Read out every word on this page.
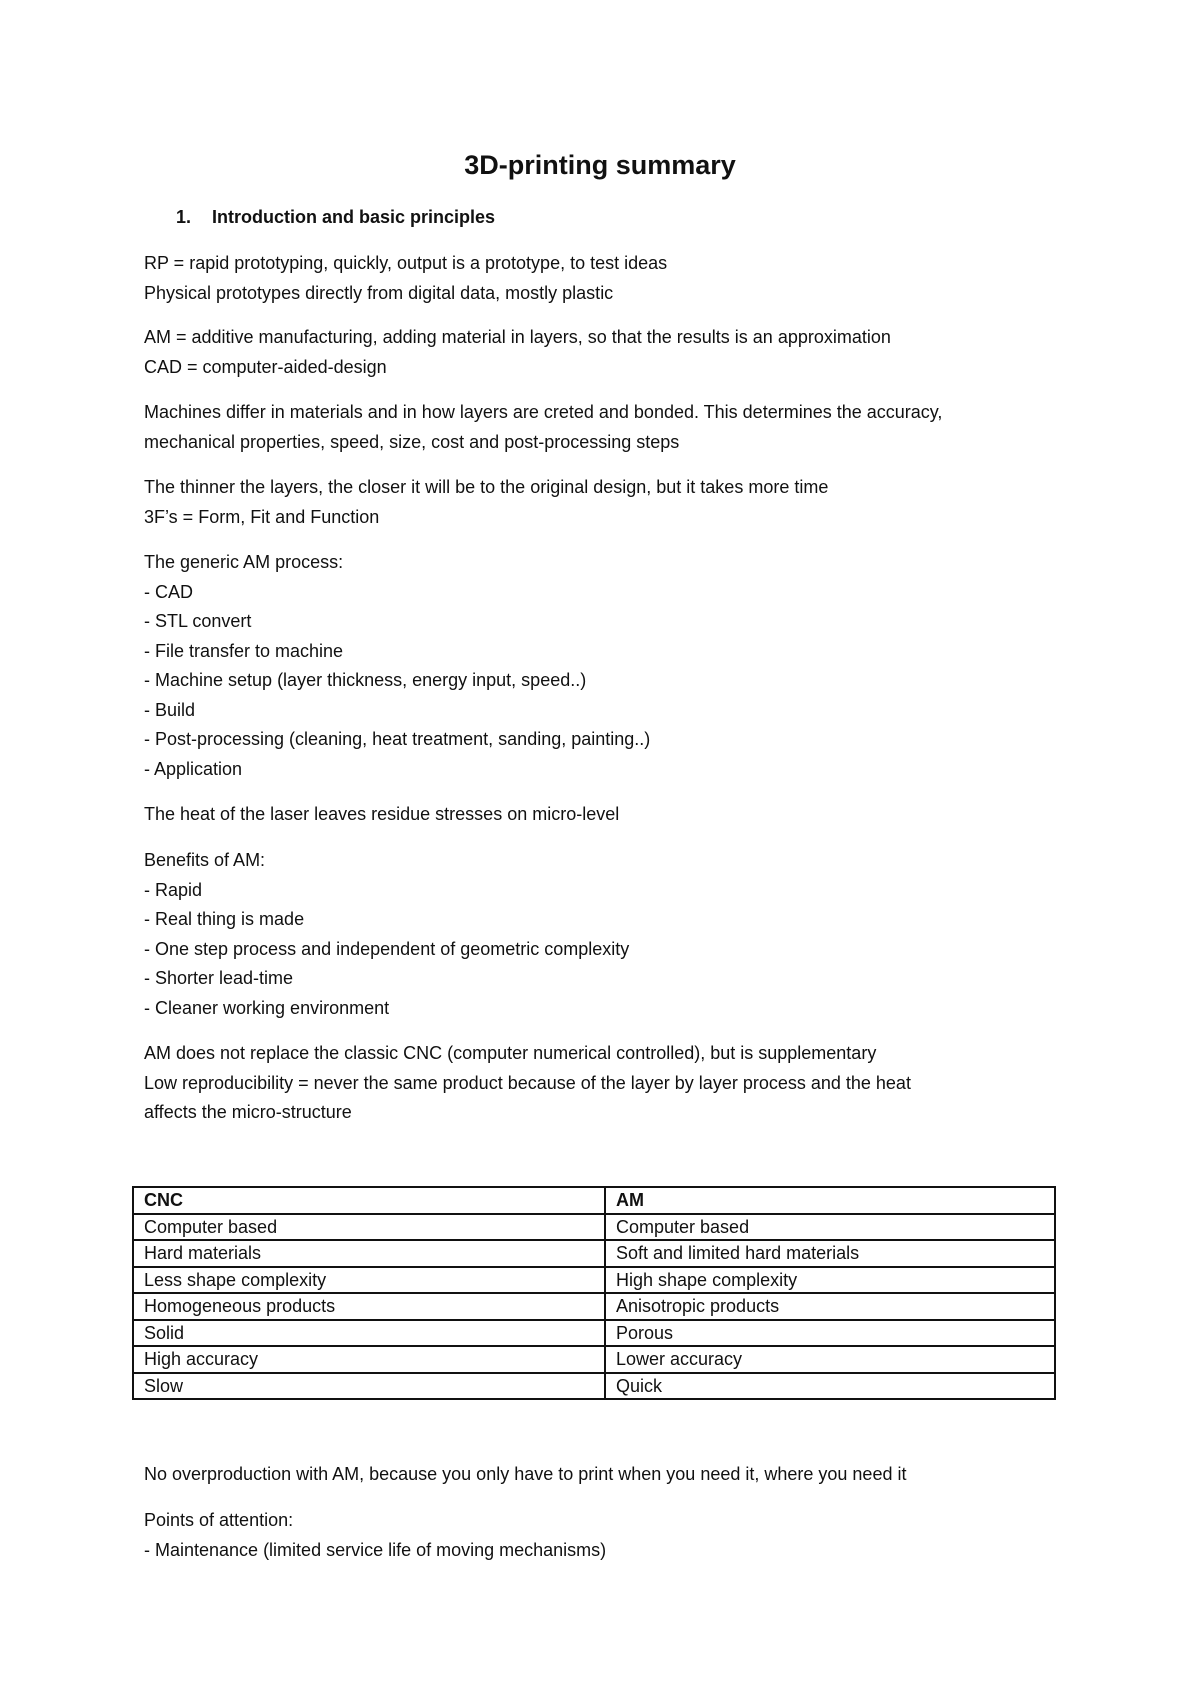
3D-printing summary
1. Introduction and basic principles
RP = rapid prototyping, quickly, output is a prototype, to test ideas
Physical prototypes directly from digital data, mostly plastic
AM = additive manufacturing, adding material in layers, so that the results is an approximation
CAD = computer-aided-design
Machines differ in materials and in how layers are creted and bonded. This determines the accuracy,
mechanical properties, speed, size, cost and post-processing steps
The thinner the layers, the closer it will be to the original design, but it takes more time
3F’s = Form, Fit and Function
The generic AM process:
- CAD
- STL convert
- File transfer to machine
- Machine setup (layer thickness, energy input, speed..)
- Build
- Post-processing (cleaning, heat treatment, sanding, painting..)
- Application
The heat of the laser leaves residue stresses on micro-level
Benefits of AM:
- Rapid
- Real thing is made
- One step process and independent of geometric complexity
- Shorter lead-time
- Cleaner working environment
AM does not replace the classic CNC (computer numerical controlled), but is supplementary
Low reproducibility = never the same product because of the layer by layer process and the heat
affects the micro-structure
CNC	AM
Computer based	Computer based
Hard materials	Soft and limited hard materials
Less shape complexity	High shape complexity
Homogeneous products	Anisotropic products
Solid	Porous
High accuracy	Lower accuracy
Slow	Quick
No overproduction with AM, because you only have to print when you need it, where you need it
Points of attention:
- Maintenance (limited service life of moving mechanisms)
